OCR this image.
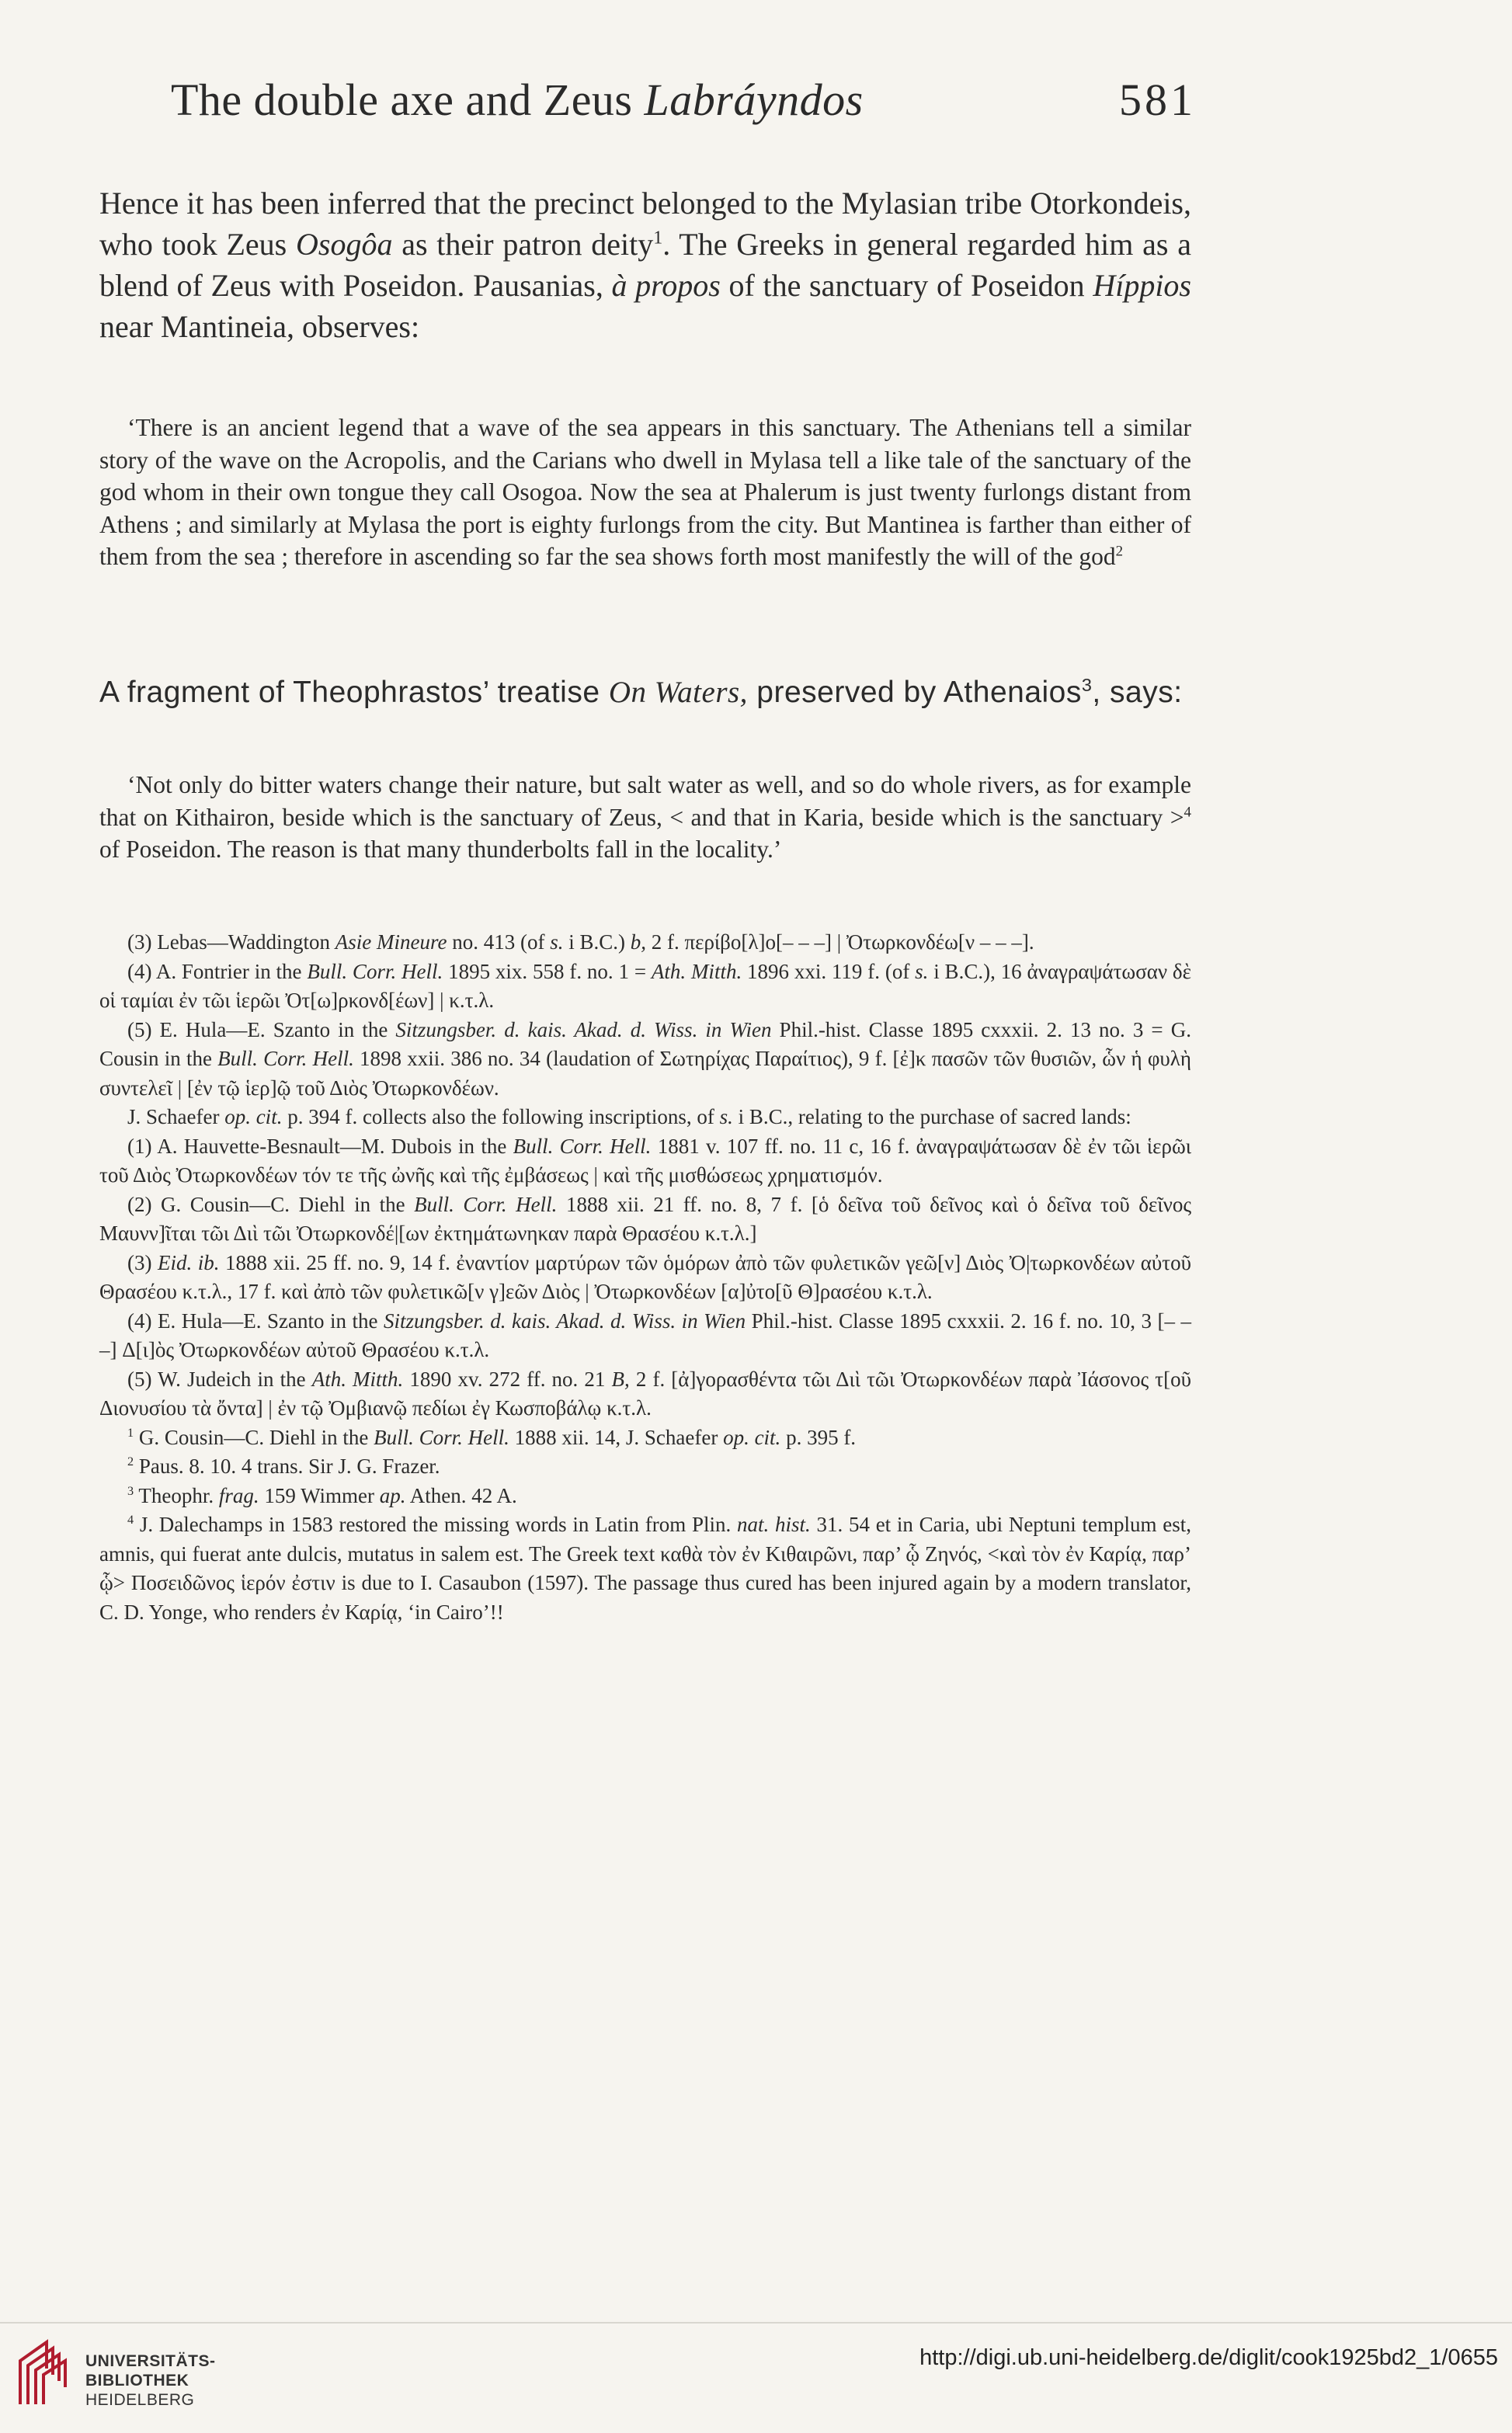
The double axe and Zeus Labráyndos	581
Hence it has been inferred that the precinct belonged to the Mylasian tribe Otorkondeis, who took Zeus Osogôa as their patron deity$^1$. The Greeks in general regarded him as a blend of Zeus with Poseidon. Pausanias, à propos of the sanctuary of Poseidon Híppios near Mantineia, observes:
‘There is an ancient legend that a wave of the sea appears in this sanctuary. The Athenians tell a similar story of the wave on the Acropolis, and the Carians who dwell in Mylasa tell a like tale of the sanctuary of the god whom in their own tongue they call Osogoa. Now the sea at Phalerum is just twenty furlongs distant from Athens ; and similarly at Mylasa the port is eighty furlongs from the city. But Mantinea is farther than either of them from the sea ; therefore in ascending so far the sea shows forth most manifestly the will of the god$^2$
A fragment of Theophrastos’ treatise On Waters, preserved by Athenaios$^3$, says:
‘Not only do bitter waters change their nature, but salt water as well, and so do whole rivers, as for example that on Kithairon, beside which is the sanctuary of Zeus, < and that in Karia, beside which is the sanctuary >$^4$ of Poseidon. The reason is that many thunderbolts fall in the locality.’

(3) Lebas—Waddington Asie Mineure no. 413 (of s. i B.C.) b, 2 f. περίβο[λ]ο[– – –] | Ὀτωρκονδέω[ν – – –].

(4) A. Fontrier in the Bull. Corr. Hell. 1895 xix. 558 f. no. 1 = Ath. Mitth. 1896 xxi. 119 f. (of s. i B.C.), 16 ἀναγραψάτωσαν δὲ οἱ ταμίαι ἐν τῶι ἱερῶι Ὀτ[ω]ρκονδ[έων] | κ.τ.λ.

(5) E. Hula—E. Szanto in the Sitzungsber. d. kais. Akad. d. Wiss. in Wien Phil.-hist. Classe 1895 cxxxii. 2. 13 no. 3 = G. Cousin in the Bull. Corr. Hell. 1898 xxii. 386 no. 34 (laudation of Σωτηρίχας Παραίτιος), 9 f. [ἐ]κ πασῶν τῶν θυσιῶν, ὧν ἡ φυλὴ συντελεῖ | [ἐν τῷ ἱερ]ῷ τοῦ Διὸς Ὀτωρκονδέων.

J. Schaefer op. cit. p. 394 f. collects also the following inscriptions, of s. i B.C., relating to the purchase of sacred lands:

(1) A. Hauvette-Besnault—M. Dubois in the Bull. Corr. Hell. 1881 v. 107 ff. no. 11 c, 16 f. ἀναγραψάτωσαν δὲ ἐν τῶι ἱερῶι τοῦ Διὸς Ὀτωρκονδέων τόν τε τῆς ὠνῆς καὶ τῆς ἐμβάσεως | καὶ τῆς μισθώσεως χρηματισμόν.

(2) G. Cousin—C. Diehl in the Bull. Corr. Hell. 1888 xii. 21 ff. no. 8, 7 f. [ὁ δεῖνα τοῦ δεῖνος καὶ ὁ δεῖνα τοῦ δεῖνος Μαυνν]ῖται τῶι Διὶ τῶι Ὀτωρκονδέ|[ων ἐκτημάτωνηκαν παρὰ Θρασέου κ.τ.λ.]

(3) Eid. ib. 1888 xii. 25 ff. no. 9, 14 f. ἐναντίον μαρτύρων τῶν ὁμόρων ἀπὸ τῶν φυλετικῶν γεῶ[ν] Διὸς Ὀ|τωρκονδέων αὐτοῦ Θρασέου κ.τ.λ., 17 f. καὶ ἀπὸ τῶν φυλετικῶ[ν γ]εῶν Διὸς | Ὀτωρκονδέων [α]ὐτο[ῦ Θ]ρασέου κ.τ.λ.

(4) E. Hula—E. Szanto in the Sitzungsber. d. kais. Akad. d. Wiss. in Wien Phil.-hist. Classe 1895 cxxxii. 2. 16 f. no. 10, 3 [– – –] Δ[ι]ὸς Ὀτωρκονδέων αὐτοῦ Θρασέου κ.τ.λ.

(5) W. Judeich in the Ath. Mitth. 1890 xv. 272 ff. no. 21 B, 2 f. [ἀ]γορασθέντα τῶι Διὶ τῶι Ὀτωρκονδέων παρὰ Ἰάσονος τ[οῦ Διονυσίου τὰ ὄντα] | ἐν τῷ Ὀμβιανῷ πεδίωι ἐγ Κωσποβάλῳ κ.τ.λ.

$^1$ G. Cousin—C. Diehl in the Bull. Corr. Hell. 1888 xii. 14, J. Schaefer op. cit. p. 395 f.

$^2$ Paus. 8. 10. 4 trans. Sir J. G. Frazer.

$^3$ Theophr. frag. 159 Wimmer ap. Athen. 42 A.

$^4$ J. Dalechamps in 1583 restored the missing words in Latin from Plin. nat. hist. 31. 54 et in Caria, ubi Neptuni templum est, amnis, qui fuerat ante dulcis, mutatus in salem est. The Greek text καθὰ τὸν ἐν Κιθαιρῶνι, παρ’ ᾧ Ζηνός, <καὶ τὸν ἐν Καρίᾳ, παρ’ ᾧ> Ποσειδῶνος ἱερόν ἐστιν is due to I. Casaubon (1597). The passage thus cured has been injured again by a modern translator, C. D. Yonge, who renders ἐν Καρίᾳ, ‘in Cairo’!!

UNIVERSITÄTS-
BIBLIOTHEK
HEIDELBERG
http://digi.ub.uni-heidelberg.de/diglit/cook1925bd2_1/0655
